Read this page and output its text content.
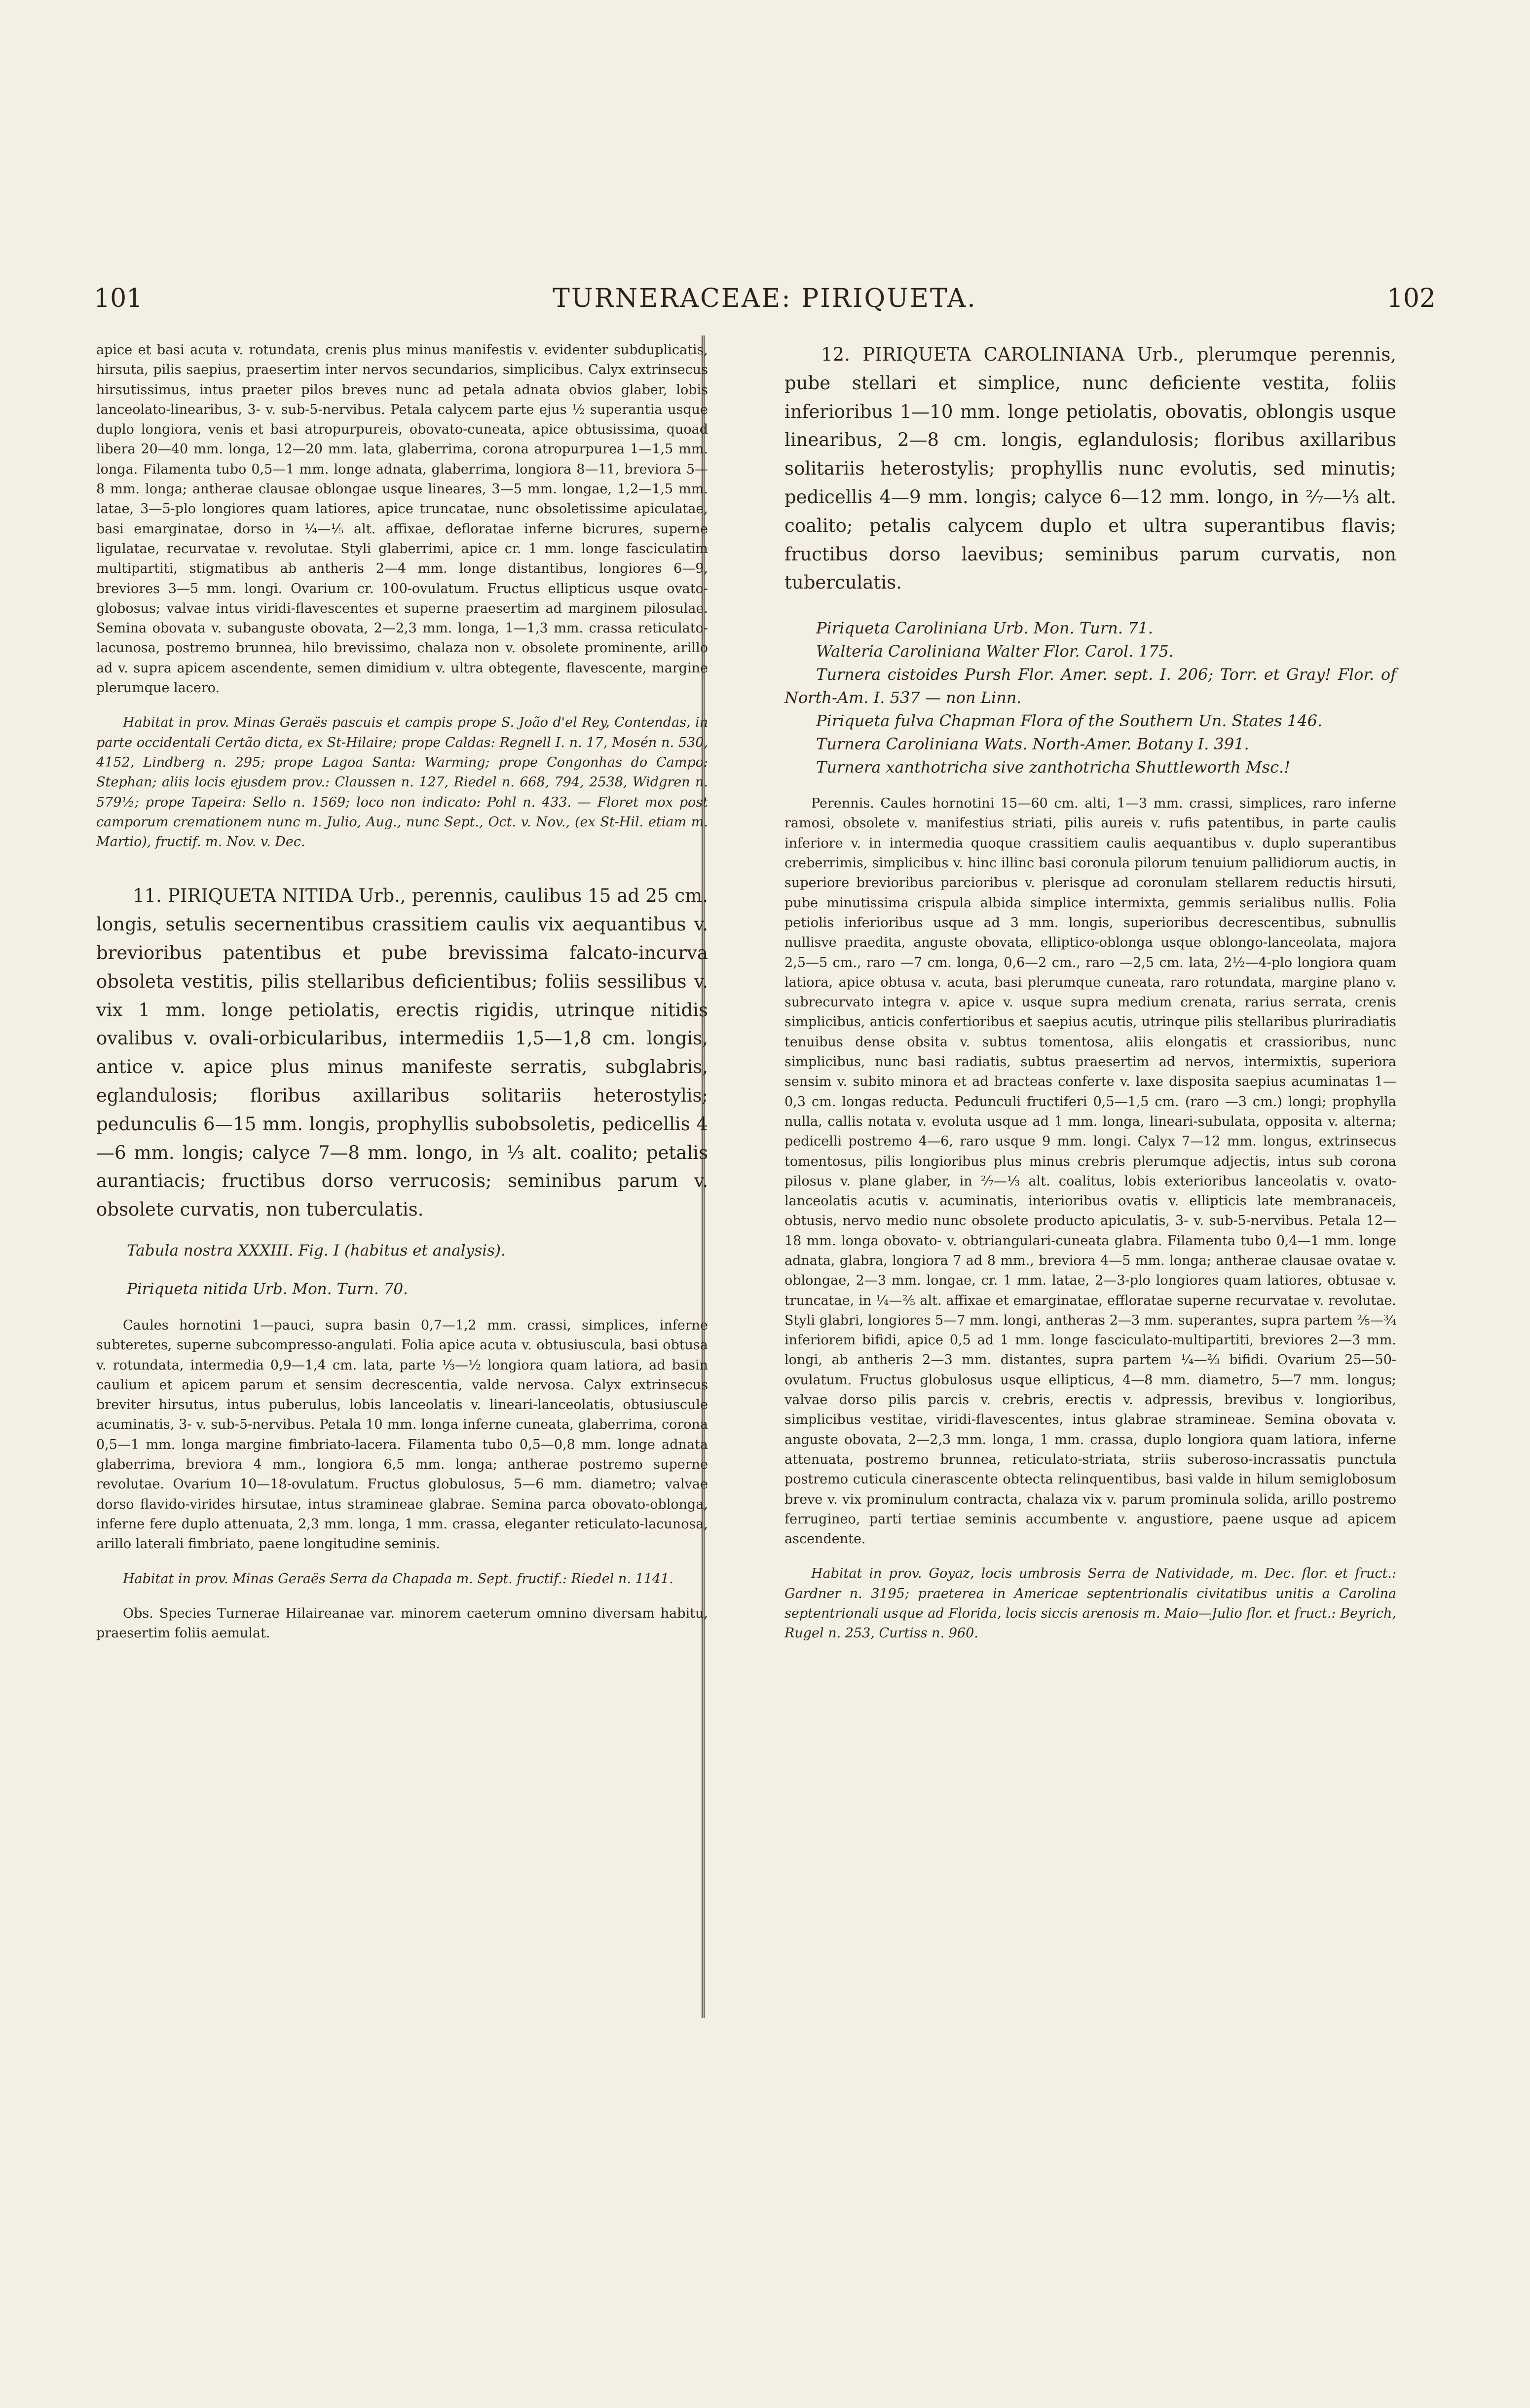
101	TURNERACEAE: PIRIQUETA.	102

apice et basi acuta v. rotundata, crenis plus minus manifestis v. evidenter subduplicatis, hirsuta, pilis saepius, praesertim inter nervos secundarios, simplicibus. Calyx extrinsecus hirsutissimus, intus praeter pilos breves nunc ad petala adnata obvios glaber, lobis lanceolato-linearibus, 3- v. sub-5-nervibus. Petala calycem parte ejus ½ superantia usque duplo longiora, venis et basi atropurpureis, obovato-cuneata, apice obtusissima, quoad libera 20—40 mm. longa, 12—20 mm. lata, glaberrima, corona atropurpurea 1—1,5 mm. longa. Filamenta tubo 0,5—1 mm. longe adnata, glaberrima, longiora 8—11, breviora 5—8 mm. longa; antherae clausae oblongae usque lineares, 3—5 mm. longae, 1,2—1,5 mm. latae, 3—5-plo longiores quam latiores, apice truncatae, nunc obsoletissime apiculatae, basi emarginatae, dorso in ¼—⅕ alt. affixae, defloratae inferne bicrures, superne ligulatae, recurvatae v. revolutae. Styli glaberrimi, apice cr. 1 mm. longe fasciculatim multipartiti, stigmatibus ab antheris 2—4 mm. longe distantibus, longiores 6—9, breviores 3—5 mm. longi. Ovarium cr. 100-ovulatum. Fructus ellipticus usque ovato-globosus; valvae intus viridi-flavescentes et superne praesertim ad marginem pilosulae. Semina obovata v. subanguste obovata, 2—2,3 mm. longa, 1—1,3 mm. crassa reticulato-lacunosa, postremo brunnea, hilo brevissimo, chalaza non v. obsolete prominente, arillo ad v. supra apicem ascendente, semen dimidium v. ultra obtegente, flavescente, margine plerumque lacero.

Habitat in prov. Minas Geraës pascuis et campis prope S. João d'el Rey, Contendas, in parte occidentali Certão dicta, ex St-Hilaire; prope Caldas: Regnell I. n. 17, Mosén n. 530, 4152, Lindberg n. 295; prope Lagoa Santa: Warming; prope Congonhas do Campo: Stephan; aliis locis ejusdem prov.: Claussen n. 127, Riedel n. 668, 794, 2538, Widgren n. 579½; prope Tapeira: Sello n. 1569; loco non indicato: Pohl n. 433. — Floret mox post camporum cremationem nunc m. Julio, Aug., nunc Sept., Oct. v. Nov., (ex St-Hil. etiam m. Martio), fructif. m. Nov. v. Dec.

11. PIRIQUETA NITIDA Urb., perennis, caulibus 15 ad 25 cm. longis, setulis secernentibus crassitiem caulis vix aequantibus v. brevioribus patentibus et pube brevissima falcato-incurva obsoleta vestitis, pilis stellaribus deficientibus; foliis sessilibus v. vix 1 mm. longe petiolatis, erectis rigidis, utrinque nitidis ovalibus v. ovali-orbicularibus, intermediis 1,5—1,8 cm. longis, antice v. apice plus minus manifeste serratis, subglabris, eglandulosis; floribus axillaribus solitariis heterostylis; pedunculis 6—15 mm. longis, prophyllis subobsoletis, pedicellis 4—6 mm. longis; calyce 7—8 mm. longo, in ⅓ alt. coalito; petalis aurantiacis; fructibus dorso verrucosis; seminibus parum v. obsolete curvatis, non tuberculatis.

Tabula nostra XXXIII. Fig. I (habitus et analysis).

Piriqueta nitida Urb. Mon. Turn. 70.

Caules hornotini 1—pauci, supra basin 0,7—1,2 mm. crassi, simplices, inferne subteretes, superne subcompresso-angulati. Folia apice acuta v. obtusiuscula, basi obtusa v. rotundata, intermedia 0,9—1,4 cm. lata, parte ⅓—½ longiora quam latiora, ad basin caulium et apicem parum et sensim decrescentia, valde nervosa. Calyx extrinsecus breviter hirsutus, intus puberulus, lobis lanceolatis v. lineari-lanceolatis, obtusiuscule acuminatis, 3- v. sub-5-nervibus. Petala 10 mm. longa inferne cuneata, glaberrima, corona 0,5—1 mm. longa margine fimbriato-lacera. Filamenta tubo 0,5—0,8 mm. longe adnata glaberrima, breviora 4 mm., longiora 6,5 mm. longa; antherae postremo superne revolutae. Ovarium 10—18-ovulatum. Fructus globulosus, 5—6 mm. diametro; valvae dorso flavido-virides hirsutae, intus stramineae glabrae. Semina parca obovato-oblonga, inferne fere duplo attenuata, 2,3 mm. longa, 1 mm. crassa, eleganter reticulato-lacunosa, arillo laterali fimbriato, paene longitudine seminis.

Habitat in prov. Minas Geraës Serra da Chapada m. Sept. fructif.: Riedel n. 1141.

Obs. Species Turnerae Hilaireanae var. minorem caeterum omnino diversam habitu, praesertim foliis aemulat.

12. PIRIQUETA CAROLINIANA Urb., plerumque perennis, pube stellari et simplice, nunc deficiente vestita, foliis inferioribus 1—10 mm. longe petiolatis, obovatis, oblongis usque linearibus, 2—8 cm. longis, eglandulosis; floribus axillaribus solitariis heterostylis; prophyllis nunc evolutis, sed minutis; pedicellis 4—9 mm. longis; calyce 6—12 mm. longo, in ²⁄₇—⅓ alt. coalito; petalis calycem duplo et ultra superantibus flavis; fructibus dorso laevibus; seminibus parum curvatis, non tuberculatis.

Piriqueta Caroliniana Urb. Mon. Turn. 71.

Walteria Caroliniana Walter Flor. Carol. 175.

Turnera cistoides Pursh Flor. Amer. sept. I. 206; Torr. et Gray! Flor. of North-Am. I. 537 — non Linn.

Piriqueta fulva Chapman Flora of the Southern Un. States 146.

Turnera Caroliniana Wats. North-Amer. Botany I. 391.

Turnera xanthotricha sive zanthotricha Shuttleworth Msc.!

Perennis. Caules hornotini 15—60 cm. alti, 1—3 mm. crassi, simplices, raro inferne ramosi, obsolete v. manifestius striati, pilis aureis v. rufis patentibus, in parte caulis inferiore v. in intermedia quoque crassitiem caulis aequantibus v. duplo superantibus creberrimis, simplicibus v. hinc illinc basi coronula pilorum tenuium pallidiorum auctis, in superiore brevioribus parcioribus v. plerisque ad coronulam stellarem reductis hirsuti, pube minutissima crispula albida simplice intermixta, gemmis serialibus nullis. Folia petiolis inferioribus usque ad 3 mm. longis, superioribus decrescentibus, subnullis nullisve praedita, anguste obovata, elliptico-oblonga usque oblongo-lanceolata, majora 2,5—5 cm., raro —7 cm. longa, 0,6—2 cm., raro —2,5 cm. lata, 2½—4-plo longiora quam latiora, apice obtusa v. acuta, basi plerumque cuneata, raro rotundata, margine plano v. subrecurvato integra v. apice v. usque supra medium crenata, rarius serrata, crenis simplicibus, anticis confertioribus et saepius acutis, utrinque pilis stellaribus pluriradiatis tenuibus dense obsita v. subtus tomentosa, aliis elongatis et crassioribus, nunc simplicibus, nunc basi radiatis, subtus praesertim ad nervos, intermixtis, superiora sensim v. subito minora et ad bracteas conferte v. laxe disposita saepius acuminatas 1—0,3 cm. longas reducta. Pedunculi fructiferi 0,5—1,5 cm. (raro —3 cm.) longi; prophylla nulla, callis notata v. evoluta usque ad 1 mm. longa, lineari-subulata, opposita v. alterna; pedicelli postremo 4—6, raro usque 9 mm. longi. Calyx 7—12 mm. longus, extrinsecus tomentosus, pilis longioribus plus minus crebris plerumque adjectis, intus sub corona pilosus v. plane glaber, in ²⁄₇—⅓ alt. coalitus, lobis exterioribus lanceolatis v. ovato-lanceolatis acutis v. acuminatis, interioribus ovatis v. ellipticis late membranaceis, obtusis, nervo medio nunc obsolete producto apiculatis, 3- v. sub-5-nervibus. Petala 12—18 mm. longa obovato- v. obtriangulari-cuneata glabra. Filamenta tubo 0,4—1 mm. longe adnata, glabra, longiora 7 ad 8 mm., breviora 4—5 mm. longa; antherae clausae ovatae v. oblongae, 2—3 mm. longae, cr. 1 mm. latae, 2—3-plo longiores quam latiores, obtusae v. truncatae, in ¼—⅖ alt. affixae et emarginatae, effloratae superne recurvatae v. revolutae. Styli glabri, longiores 5—7 mm. longi, antheras 2—3 mm. superantes, supra partem ⅖—¾ inferiorem bifidi, apice 0,5 ad 1 mm. longe fasciculato-multipartiti, breviores 2—3 mm. longi, ab antheris 2—3 mm. distantes, supra partem ¼—⅔ bifidi. Ovarium 25—50-ovulatum. Fructus globulosus usque ellipticus, 4—8 mm. diametro, 5—7 mm. longus; valvae dorso pilis parcis v. crebris, erectis v. adpressis, brevibus v. longioribus, simplicibus vestitae, viridi-flavescentes, intus glabrae stramineae. Semina obovata v. anguste obovata, 2—2,3 mm. longa, 1 mm. crassa, duplo longiora quam latiora, inferne attenuata, postremo brunnea, reticulato-striata, striis suberoso-incrassatis punctula postremo cuticula cinerascente obtecta relinquentibus, basi valde in hilum semiglobosum breve v. vix prominulum contracta, chalaza vix v. parum prominula solida, arillo postremo ferrugineo, parti tertiae seminis accumbente v. angustiore, paene usque ad apicem ascendente.

Habitat in prov. Goyaz, locis umbrosis Serra de Natividade, m. Dec. flor. et fruct.: Gardner n. 3195; praeterea in Americae septentrionalis civitatibus unitis a Carolina septentrionali usque ad Florida, locis siccis arenosis m. Maio—Julio flor. et fruct.: Beyrich, Rugel n. 253, Curtiss n. 960.
